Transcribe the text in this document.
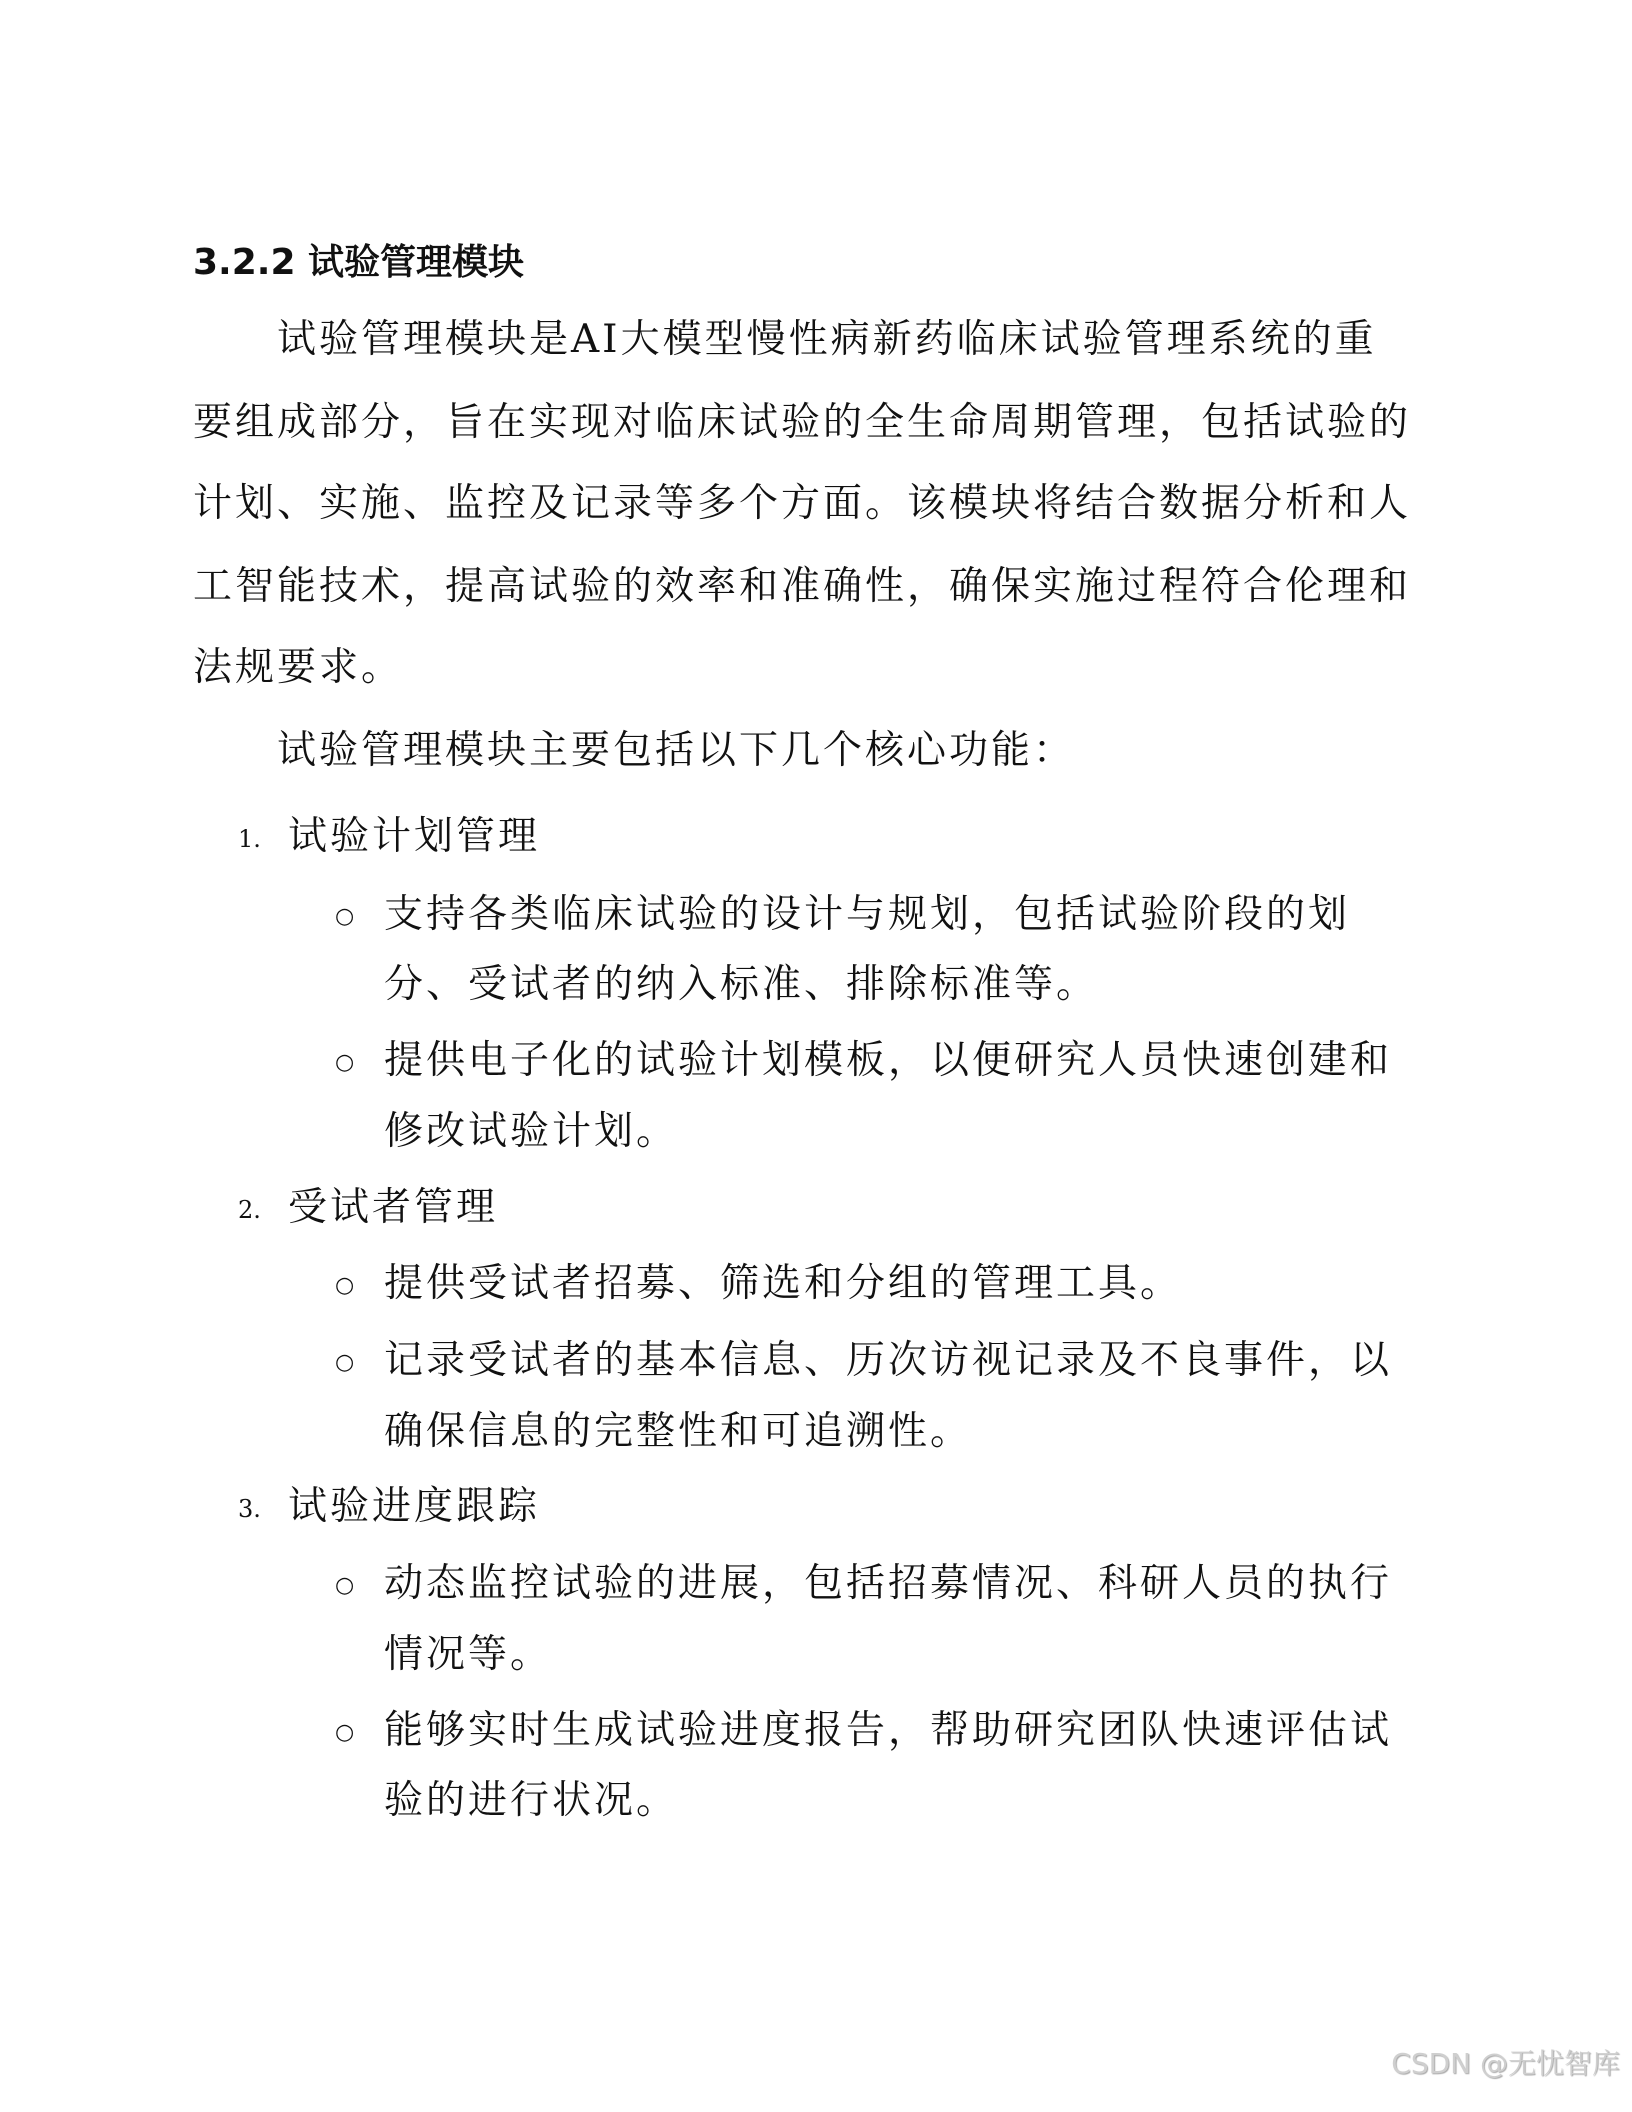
3.2.2 试验管理模块
试验管理模块是AI大模型慢性病新药临床试验管理系统的重
要组成部分，旨在实现对临床试验的全生命周期管理，包括试验的
计划、实施、监控及记录等多个方面。该模块将结合数据分析和人
工智能技术，提高试验的效率和准确性，确保实施过程符合伦理和
法规要求。
试验管理模块主要包括以下几个核心功能：
1. 试验计划管理
○ 支持各类临床试验的设计与规划，包括试验阶段的划
分、受试者的纳入标准、排除标准等。
○ 提供电子化的试验计划模板，以便研究人员快速创建和
修改试验计划。
2. 受试者管理
○ 提供受试者招募、筛选和分组的管理工具。
○ 记录受试者的基本信息、历次访视记录及不良事件，以
确保信息的完整性和可追溯性。
3. 试验进度跟踪
○ 动态监控试验的进展，包括招募情况、科研人员的执行
情况等。
○ 能够实时生成试验进度报告，帮助研究团队快速评估试
验的进行状况。
CSDN @无忧智库
